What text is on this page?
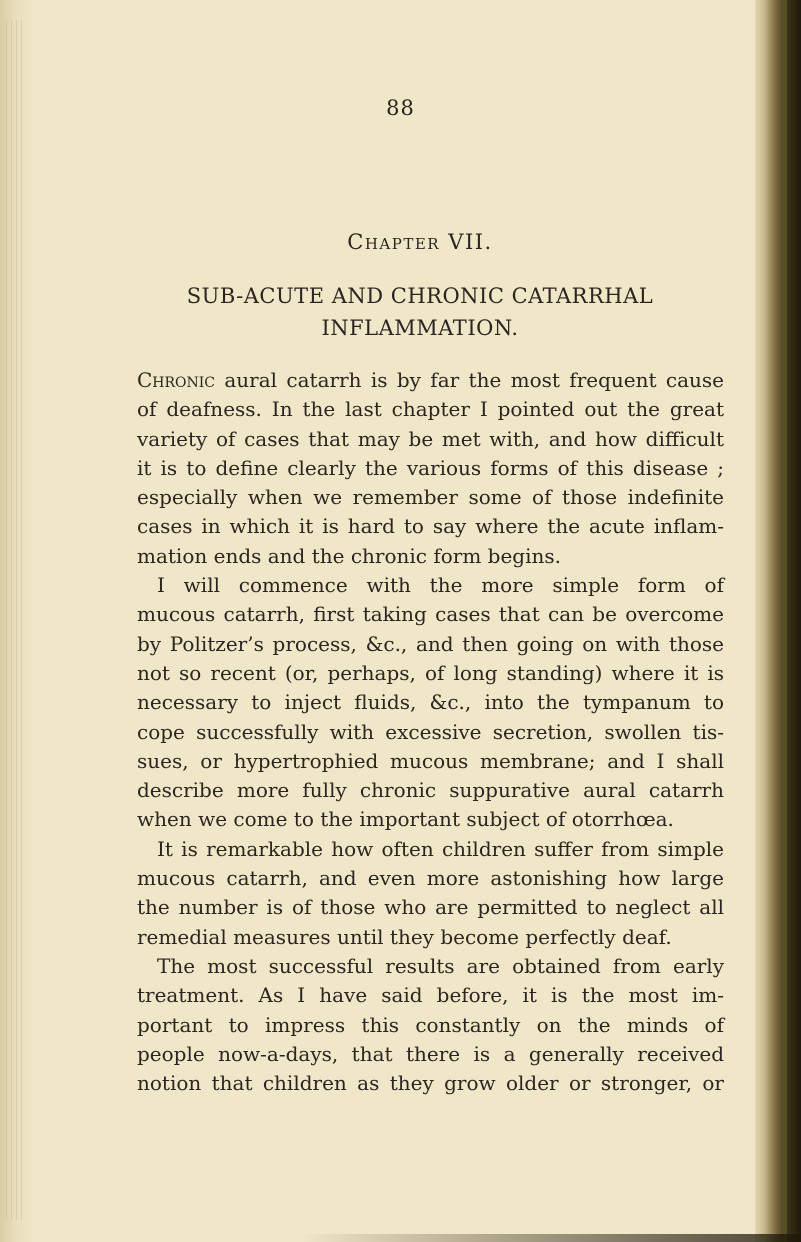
88
Chapter VII.
SUB-ACUTE AND CHRONIC CATARRHAL
INFLAMMATION.
Chronic aural catarrh is by far the most frequent cause
of deafness. In the last chapter I pointed out the great
variety of cases that may be met with, and how difficult
it is to define clearly the various forms of this disease ;
especially when we remember some of those indefinite
cases in which it is hard to say where the acute inflam-
mation ends and the chronic form begins.
I will commence with the more simple form of
mucous catarrh, first taking cases that can be overcome
by Politzer’s process, &c., and then going on with those
not so recent (or, perhaps, of long standing) where it is
necessary to inject fluids, &c., into the tympanum to
cope successfully with excessive secretion, swollen tis-
sues, or hypertrophied mucous membrane; and I shall
describe more fully chronic suppurative aural catarrh
when we come to the important subject of otorrhœa.
It is remarkable how often children suffer from simple
mucous catarrh, and even more astonishing how large
the number is of those who are permitted to neglect all
remedial measures until they become perfectly deaf.
The most successful results are obtained from early
treatment. As I have said before, it is the most im-
portant to impress this constantly on the minds of
people now-a-days, that there is a generally received
notion that children as they grow older or stronger, or
